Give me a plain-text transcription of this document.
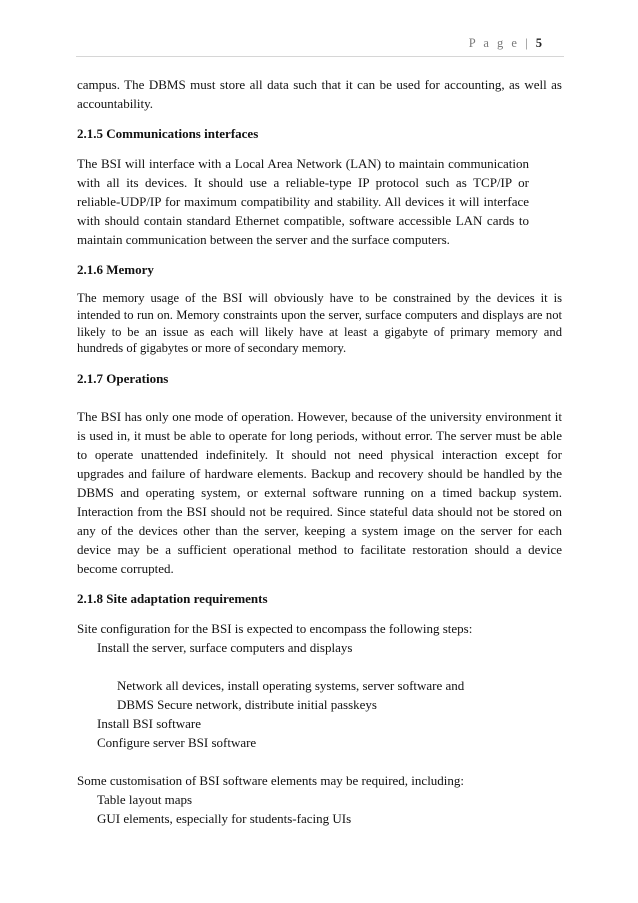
P a g e | 5

campus. The DBMS must store all data such that it can be used for accounting, as well as accountability.

2.1.5 Communications interfaces

The BSI will interface with a Local Area Network (LAN) to maintain communication with all its devices. It should use a reliable-type IP protocol such as TCP/IP or reliable-UDP/IP for maximum compatibility and stability. All devices it will interface with should contain standard Ethernet compatible, software accessible LAN cards to maintain communication between the server and the surface computers.

2.1.6 Memory

The memory usage of the BSI will obviously have to be constrained by the devices it is intended to run on. Memory constraints upon the server, surface computers and displays are not likely to be an issue as each will likely have at least a gigabyte of primary memory and hundreds of gigabytes or more of secondary memory.

2.1.7 Operations

The BSI has only one mode of operation. However, because of the university environment it is used in, it must be able to operate for long periods, without error. The server must be able to operate unattended indefinitely. It should not need physical interaction except for upgrades and failure of hardware elements. Backup and recovery should be handled by the DBMS and operating system, or external software running on a timed backup system. Interaction from the BSI should not be required. Since stateful data should not be stored on any of the devices other than the server, keeping a system image on the server for each device may be a sufficient operational method to facilitate restoration should a device become corrupted.

2.1.8 Site adaptation requirements

Site configuration for the BSI is expected to encompass the following steps:

Install the server, surface computers and displays

Network all devices, install operating systems, server software and

DBMS Secure network, distribute initial passkeys

Install BSI software

Configure server BSI software

Some customisation of BSI software elements may be required, including:

Table layout maps

GUI elements, especially for students-facing UIs
